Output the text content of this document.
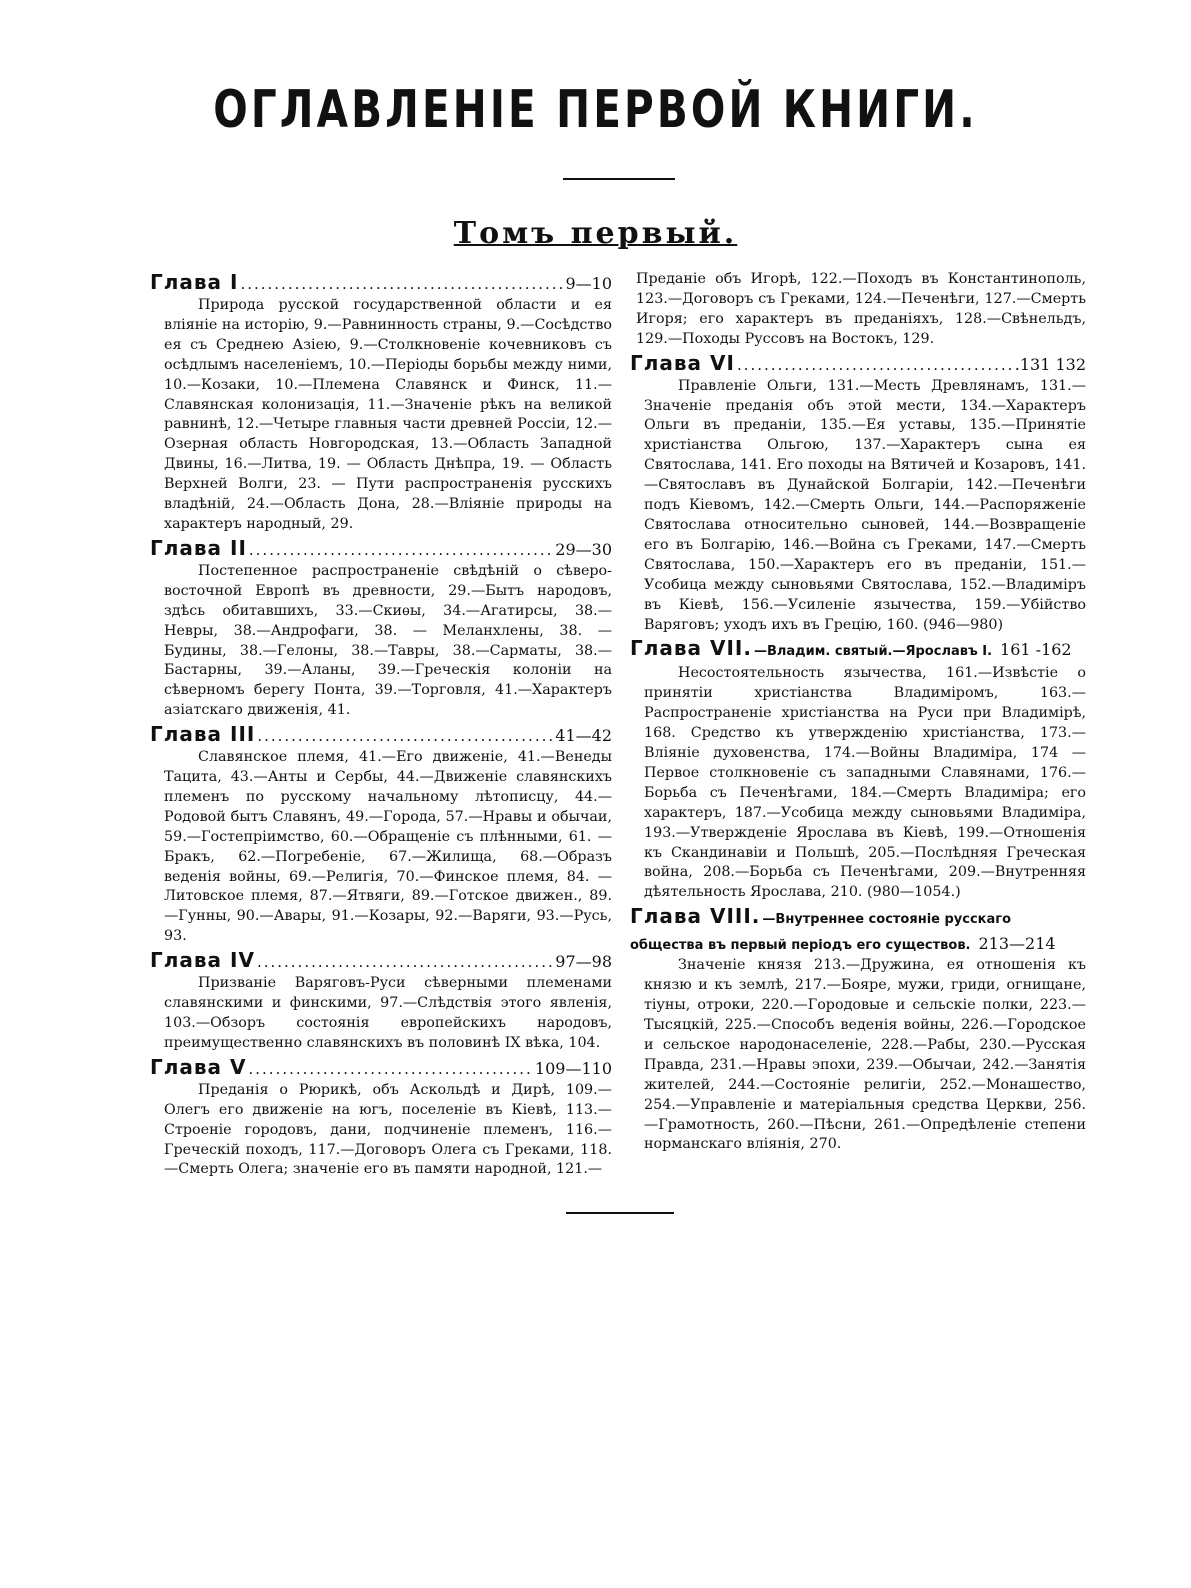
ОГЛАВЛЕНІЕ ПЕРВОЙ КНИГИ.
Томъ первый.
Глава I .....	9—10
Природа русской государственной области и ея вліяніе на исторію, 9.—Равнинность страны, 9.—Сосѣдство ея съ Среднею Азіею, 9.—Столкновеніе кочевниковъ съ осѣдлымъ населеніемъ, 10.—Періоды борьбы между ними, 10.—Козаки, 10.—Племена Славянск и Финск, 11.—Славянская колонизація, 11.—Значеніе рѣкъ на великой равнинѣ, 12.—Четыре главныя части древней Россіи, 12.—Озерная область Новгородская, 13.—Область Западной Двины, 16.—Литва, 19. — Область Днѣпра, 19. — Область Верхней Волги, 23. — Пути распространенія русскихъ владѣній, 24.—Область Дона, 28.—Вліяніе природы на характеръ народный, 29.
Глава II .....	29—30
Постепенное распространеніе свѣдѣній о сѣверо-восточной Европѣ въ древности, 29.—Бытъ народовъ, здѣсь обитавшихъ, 33.—Скиѳы, 34.—Агатирсы, 38.—Невры, 38.—Андрофаги, 38. — Меланхлены, 38. — Будины, 38.—Гелоны, 38.—Тавры, 38.—Сарматы, 38.—Бастарны, 39.—Аланы, 39.—Греческія колоніи на сѣверномъ берегу Понта, 39.—Торговля, 41.—Характеръ азіатскаго движенія, 41.
Глава III .....	41—42
Славянское племя, 41.—Его движеніе, 41.—Венеды Тацита, 43.—Анты и Сербы, 44.—Движеніе славянскихъ племенъ по русскому начальному лѣтописцу, 44.—Родовой бытъ Славянъ, 49.—Города, 57.—Нравы и обычаи, 59.—Гостепріимство, 60.—Обращеніе съ плѣнными, 61. — Бракъ, 62.—Погребеніе, 67.—Жилища, 68.—Образъ веденія войны, 69.—Религія, 70.—Финское племя, 84. — Литовское племя, 87.—Ятвяги, 89.—Готское движен., 89.—Гунны, 90.—Авары, 91.—Козары, 92.—Варяги, 93.—Русь, 93.
Глава IV .....	97—98
Призваніе Варяговъ-Руси сѣверными племенами славянскими и финскими, 97.—Слѣдствія этого явленія, 103.—Обзоръ состоянія европейскихъ народовъ, преимущественно славянскихъ въ половинѣ IX вѣка, 104.
Глава V .....	109—110
Преданія о Рюрикѣ, объ Аскольдѣ и Дирѣ, 109.—Олегъ его движеніе на югъ, поселеніе въ Кіевѣ, 113.—Строеніе городовъ, дани, подчиненіе племенъ, 116.—Греческій походъ, 117.—Договоръ Олега съ Греками, 118.—Смерть Олега; значеніе его въ памяти народной, 121.—
Преданіе объ Игорѣ, 122.—Походъ въ Константинополь, 123.—Договоръ съ Греками, 124.—Печенѣги, 127.—Смерть Игоря; его характеръ въ преданіяхъ, 128.—Свѣнельдъ, 129.—Походы Руссовъ на Востокъ, 129.
Глава VI .....	.131 132
Правленіе Ольги, 131.—Месть Древлянамъ, 131.—Значеніе преданія объ этой мести, 134.—Характеръ Ольги въ преданіи, 135.—Ея уставы, 135.—Принятіе христіанства Ольгою, 137.—Характеръ сына ея Святослава, 141. Его походы на Вятичей и Козаровъ, 141.—Святославъ въ Дунайской Болгаріи, 142.—Печенѣги подъ Кіевомъ, 142.—Смерть Ольги, 144.—Распоряженіе Святослава относительно сыновей, 144.—Возвращеніе его въ Болгарію, 146.—Война съ Греками, 147.—Смерть Святослава, 150.—Характеръ его въ преданіи, 151.—Усобица между сыновьями Святослава, 152.—Владиміръ въ Кіевѣ, 156.—Усиленіе язычества, 159.—Убійство Варяговъ; уходъ ихъ въ Грецію, 160. (946—980)
Глава VII. —Владим. святый.—Ярославъ I. 161 -162
Несостоятельность язычества, 161.—Извѣстіе о принятіи христіанства Владиміромъ, 163.—Распространеніе христіанства на Руси при Владимірѣ, 168. Средство къ утвержденію христіанства, 173.—Вліяніе духовенства, 174.—Войны Владиміра, 174 —Первое столкновеніе съ западными Славянами, 176.—Борьба съ Печенѣгами, 184.—Смерть Владиміра; его характеръ, 187.—Усобица между сыновьями Владиміра, 193.—Утвержденіе Ярослава въ Кіевѣ, 199.—Отношенія къ Скандинавіи и Польшѣ, 205.—Послѣдняя Греческая война, 208.—Борьба съ Печенѣгами, 209.—Внутренняя дѣятельность Ярослава, 210. (980—1054.)
Глава VIII. —Внутреннее состояніе русскаго
общества въ первый періодъ его существов. 213—214
Значеніе князя 213.—Дружина, ея отношенія къ князю и къ землѣ, 217.—Бояре, мужи, гриди, огнищане, тіуны, отроки, 220.—Городовые и сельскіе полки, 223.—Тысяцкій, 225.—Способъ веденія войны, 226.—Городское и сельское народонаселеніе, 228.—Рабы, 230.—Русская Правда, 231.—Нравы эпохи, 239.—Обычаи, 242.—Занятія жителей, 244.—Состояніе религіи, 252.—Монашество, 254.—Управленіе и матеріальныя средства Церкви, 256.—Грамотность, 260.—Пѣсни, 261.—Опредѣленіе степени норманскаго вліянія, 270.
